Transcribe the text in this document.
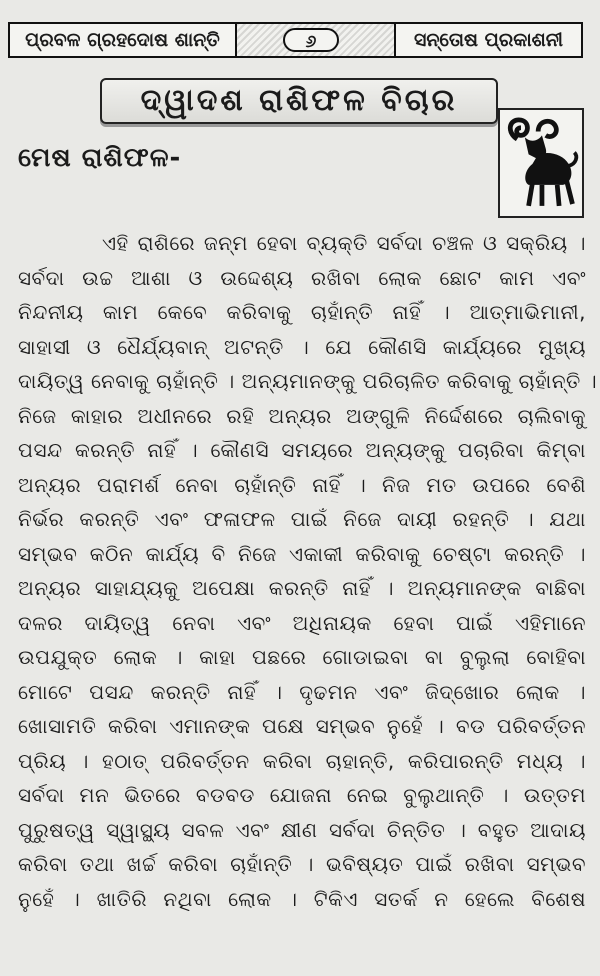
ପ୍ରବଳ ଗ୍ରହଦୋଷ ଶାନ୍ତି	୬	ସନ୍ତୋଷ ପ୍ରକାଶନୀ
ଦ୍ୱାଦଶ ରାଶିଫଳ ବିଚାର
ମେଷ ରାଶିଫଳ-
ଏହି ରାଶିରେ ଜନ୍ମ ହେବା ବ୍ୟକ୍ତି ସର୍ବଦା ଚଞ୍ଚଳ ଓ ସକ୍ରିୟ ।
ସର୍ବଦା ଉଚ୍ଚ ଆଶା ଓ ଉଦ୍ଦେଶ୍ୟ ରଖିବା ଲୋକ ଛୋଟ କାମ ଏବଂ
ନିନ୍ଦନୀୟ କାମ କେବେ କରିବାକୁ ଚାହାଁନ୍ତି ନାହିଁ । ଆତ୍ମାଭିମାନୀ,
ସାହାସୀ ଓ ଧୈର୍ଯ୍ୟବାନ୍ ଅଟନ୍ତି । ଯେ କୌଣସି କାର୍ଯ୍ୟରେ ମୁଖ୍ୟ
ଦାୟିତ୍ୱ ନେବାକୁ ଚାହାଁନ୍ତି । ଅନ୍ୟମାନଙ୍କୁ ପରିଚାଳିତ କରିବାକୁ ଚାହାଁନ୍ତି ।
ନିଜେ କାହାର ଅଧୀନରେ ରହି ଅନ୍ୟର ଅଙ୍ଗୁଳି ନିର୍ଦ୍ଦେଶରେ ଚାଲିବାକୁ
ପସନ୍ଦ କରନ୍ତି ନାହିଁ । କୌଣସି ସମୟରେ ଅନ୍ୟଙ୍କୁ ପଚାରିବା କିମ୍ବା
ଅନ୍ୟର ପରାମର୍ଶ ନେବା ଚାହାଁନ୍ତି ନାହିଁ । ନିଜ ମତ ଉପରେ ବେଶି
ନିର୍ଭର କରନ୍ତି ଏବଂ ଫଳାଫଳ ପାଇଁ ନିଜେ ଦାୟୀ ରହନ୍ତି । ଯଥା
ସମ୍ଭବ କଠିନ କାର୍ଯ୍ୟ ବି ନିଜେ ଏକାକୀ କରିବାକୁ ଚେଷ୍ଟା କରନ୍ତି ।
ଅନ୍ୟର ସାହାଯ୍ୟକୁ ଅପେକ୍ଷା କରନ୍ତି ନାହିଁ । ଅନ୍ୟମାନଙ୍କ ବାଛିବା
ଦଳର ଦାୟିତ୍ୱ ନେବା ଏବଂ ଅଧିନାୟକ ହେବା ପାଇଁ ଏହିମାନେ
ଉପଯୁକ୍ତ ଲୋକ । କାହା ପଛରେ ଗୋଡାଇବା ବା ବୁଲୁଲା ବୋହିବା
ମୋଟେ ପସନ୍ଦ କରନ୍ତି ନାହିଁ । ଦୃଢମନ ଏବଂ ଜିଦ୍‌ଖୋର ଲୋକ ।
ଖୋସାମତି କରିବା ଏମାନଙ୍କ ପକ୍ଷେ ସମ୍ଭବ ନୁହେଁ । ବଡ ପରିବର୍ତ୍ତନ
ପ୍ରିୟ । ହଠାତ୍ ପରିବର୍ତ୍ତନ କରିବା ଚାହାନ୍ତି, କରିପାରନ୍ତି ମଧ୍ୟ ।
ସର୍ବଦା ମନ ଭିତରେ ବଡବଡ ଯୋଜନା ନେଇ ବୁଲୁଥାନ୍ତି । ଉତ୍ତମ
ପୁରୁଷତ୍ୱ ସ୍ୱାସ୍ଥ୍ୟ ସବଳ ଏବଂ କ୍ଷୀଣ ସର୍ବଦା ଚିନ୍ତିତ । ବହୁତ ଆଦାୟ
କରିବା ତଥା ଖର୍ଚ୍ଚ କରିବା ଚାହାଁନ୍ତି । ଭବିଷ୍ୟତ ପାଇଁ ରଖିବା ସମ୍ଭବ
ନୁହେଁ । ଖାତିରି ନଥିବା ଲୋକ । ଟିକିଏ ସତର୍କ ନ ହେଲେ ବିଶେଷ
